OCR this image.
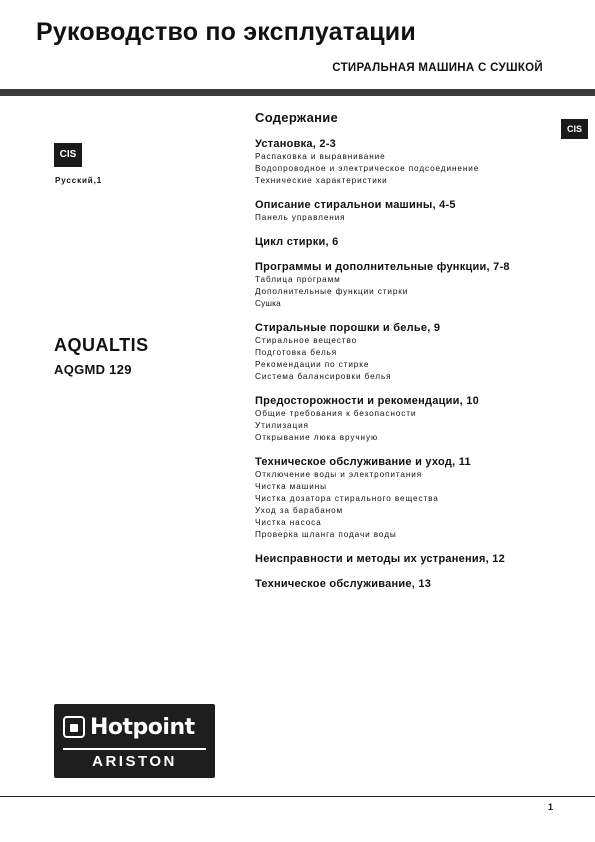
Руководство по эксплуатации
СТИРАЛЬНАЯ МАШИНА С СУШКОЙ
CIS
Русский,1
CIS
AQUALTIS
AQGMD 129
Содержание
Установка, 2-3
Распаковка и выравнивание
Водопроводное и электрическое подсоединение
Технические характеристики
Описание стиральнои машины, 4-5
Панель управления
Цикл стирки, 6
Программы и дополнительные функции, 7-8
Таблица программ
Дополнительные функции стирки
Сушка
Стиральные порошки и белье, 9
Стиральное вещество
Подготовка белья
Рекомендации по стирке
Система балансировки белья
Предосторожности и рекомендации, 10
Общие требования к безопасности
Утилизация
Открывание люка вручную
Техническое обслуживание и уход, 11
Отключение воды и электропитания
Чистка машины
Чистка дозатора стирального вещества
Уход за барабаном
Чистка насоса
Проверка шланга подачи воды
Неисправности и методы их устранения, 12
Техническое обслуживание, 13
Hotpoint
ARISTON
1
